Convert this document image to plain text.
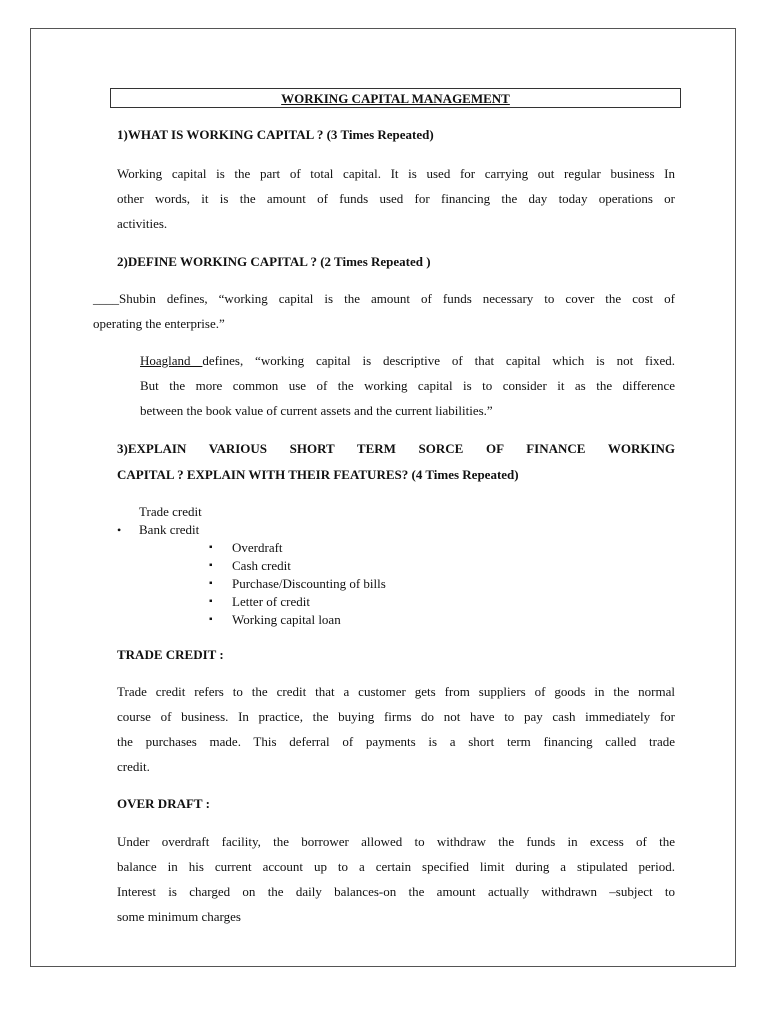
WORKING CAPITAL MANAGEMENT
1)WHAT IS WORKING CAPITAL ? (3 Times Repeated)
Working capital is the part of total capital. It is used for carrying out regular business In
other words, it is the amount of funds used for financing the day today operations or
activities.
2)DEFINE WORKING CAPITAL ? (2 Times Repeated )
____Shubin defines, “working capital is the amount of funds necessary to cover the cost of
operating the enterprise.”
Hoagland defines, “working capital is descriptive of that capital which is not fixed.
But the more common use of the working capital is to consider it as the difference
between the book value of current assets and the current liabilities.”
3)EXPLAIN VARIOUS SHORT TERM SORCE OF FINANCE WORKING
CAPITAL ? EXPLAIN WITH THEIR FEATURES? (4 Times Repeated)
Trade credit
• Bank credit
▪ Overdraft
▪ Cash credit
▪ Purchase/Discounting of bills
▪ Letter of credit
▪ Working capital loan
TRADE CREDIT :
Trade credit refers to the credit that a customer gets from suppliers of goods in the normal
course of business. In practice, the buying firms do not have to pay cash immediately for
the purchases made. This deferral of payments is a short term financing called trade
credit.
OVER DRAFT :
Under overdraft facility, the borrower allowed to withdraw the funds in excess of the
balance in his current account up to a certain specified limit during a stipulated period.
Interest is charged on the daily balances-on the amount actually withdrawn –subject to
some minimum charges
